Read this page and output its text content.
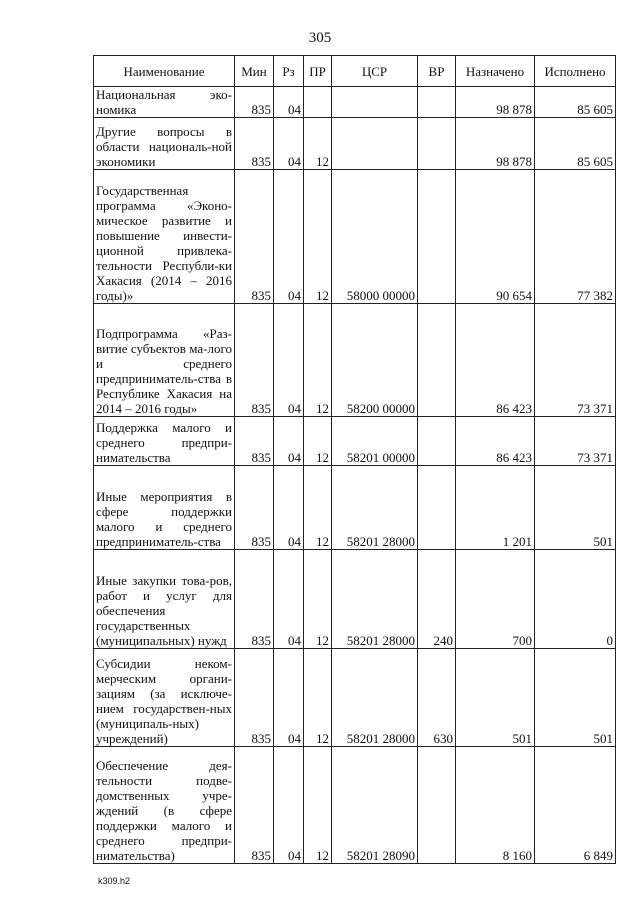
305
Наименование	Мин	Рз	ПР	ЦСР	ВР	Назначено	Исполнено
Национальная эко-номика	835	04				98 878	85 605
Другие вопросы в области националь-ной экономики	835	04	12			98 878	85 605
Государственная программа «Эконо-мическое развитие и повышение инвести-ционной привлека-тельности Республи-ки Хакасия (2014 – 2016 годы)»	835	04	12	58000 00000		90 654	77 382
Подпрограмма «Раз-витие субъектов ма-лого и среднего предприниматель-ства в Республике Хакасия на 2014 – 2016 годы»	835	04	12	58200 00000		86 423	73 371
Поддержка малого и среднего предпри-нимательства	835	04	12	58201 00000		86 423	73 371
Иные мероприятия в сфере поддержки малого и среднего предприниматель-ства	835	04	12	58201 28000		1 201	501
Иные закупки това-ров, работ и услуг для обеспечения государственных (муниципальных) нужд	835	04	12	58201 28000	240	700	0
Субсидии неком-мерческим органи-зациям (за исключе-нием государствен-ных (муниципаль-ных) учреждений)	835	04	12	58201 28000	630	501	501
Обеспечение дея-тельности подве-домственных учре-ждений (в сфере поддержки малого и среднего предпри-нимательства)	835	04	12	58201 28090		8 160	6 849
k309.h2
